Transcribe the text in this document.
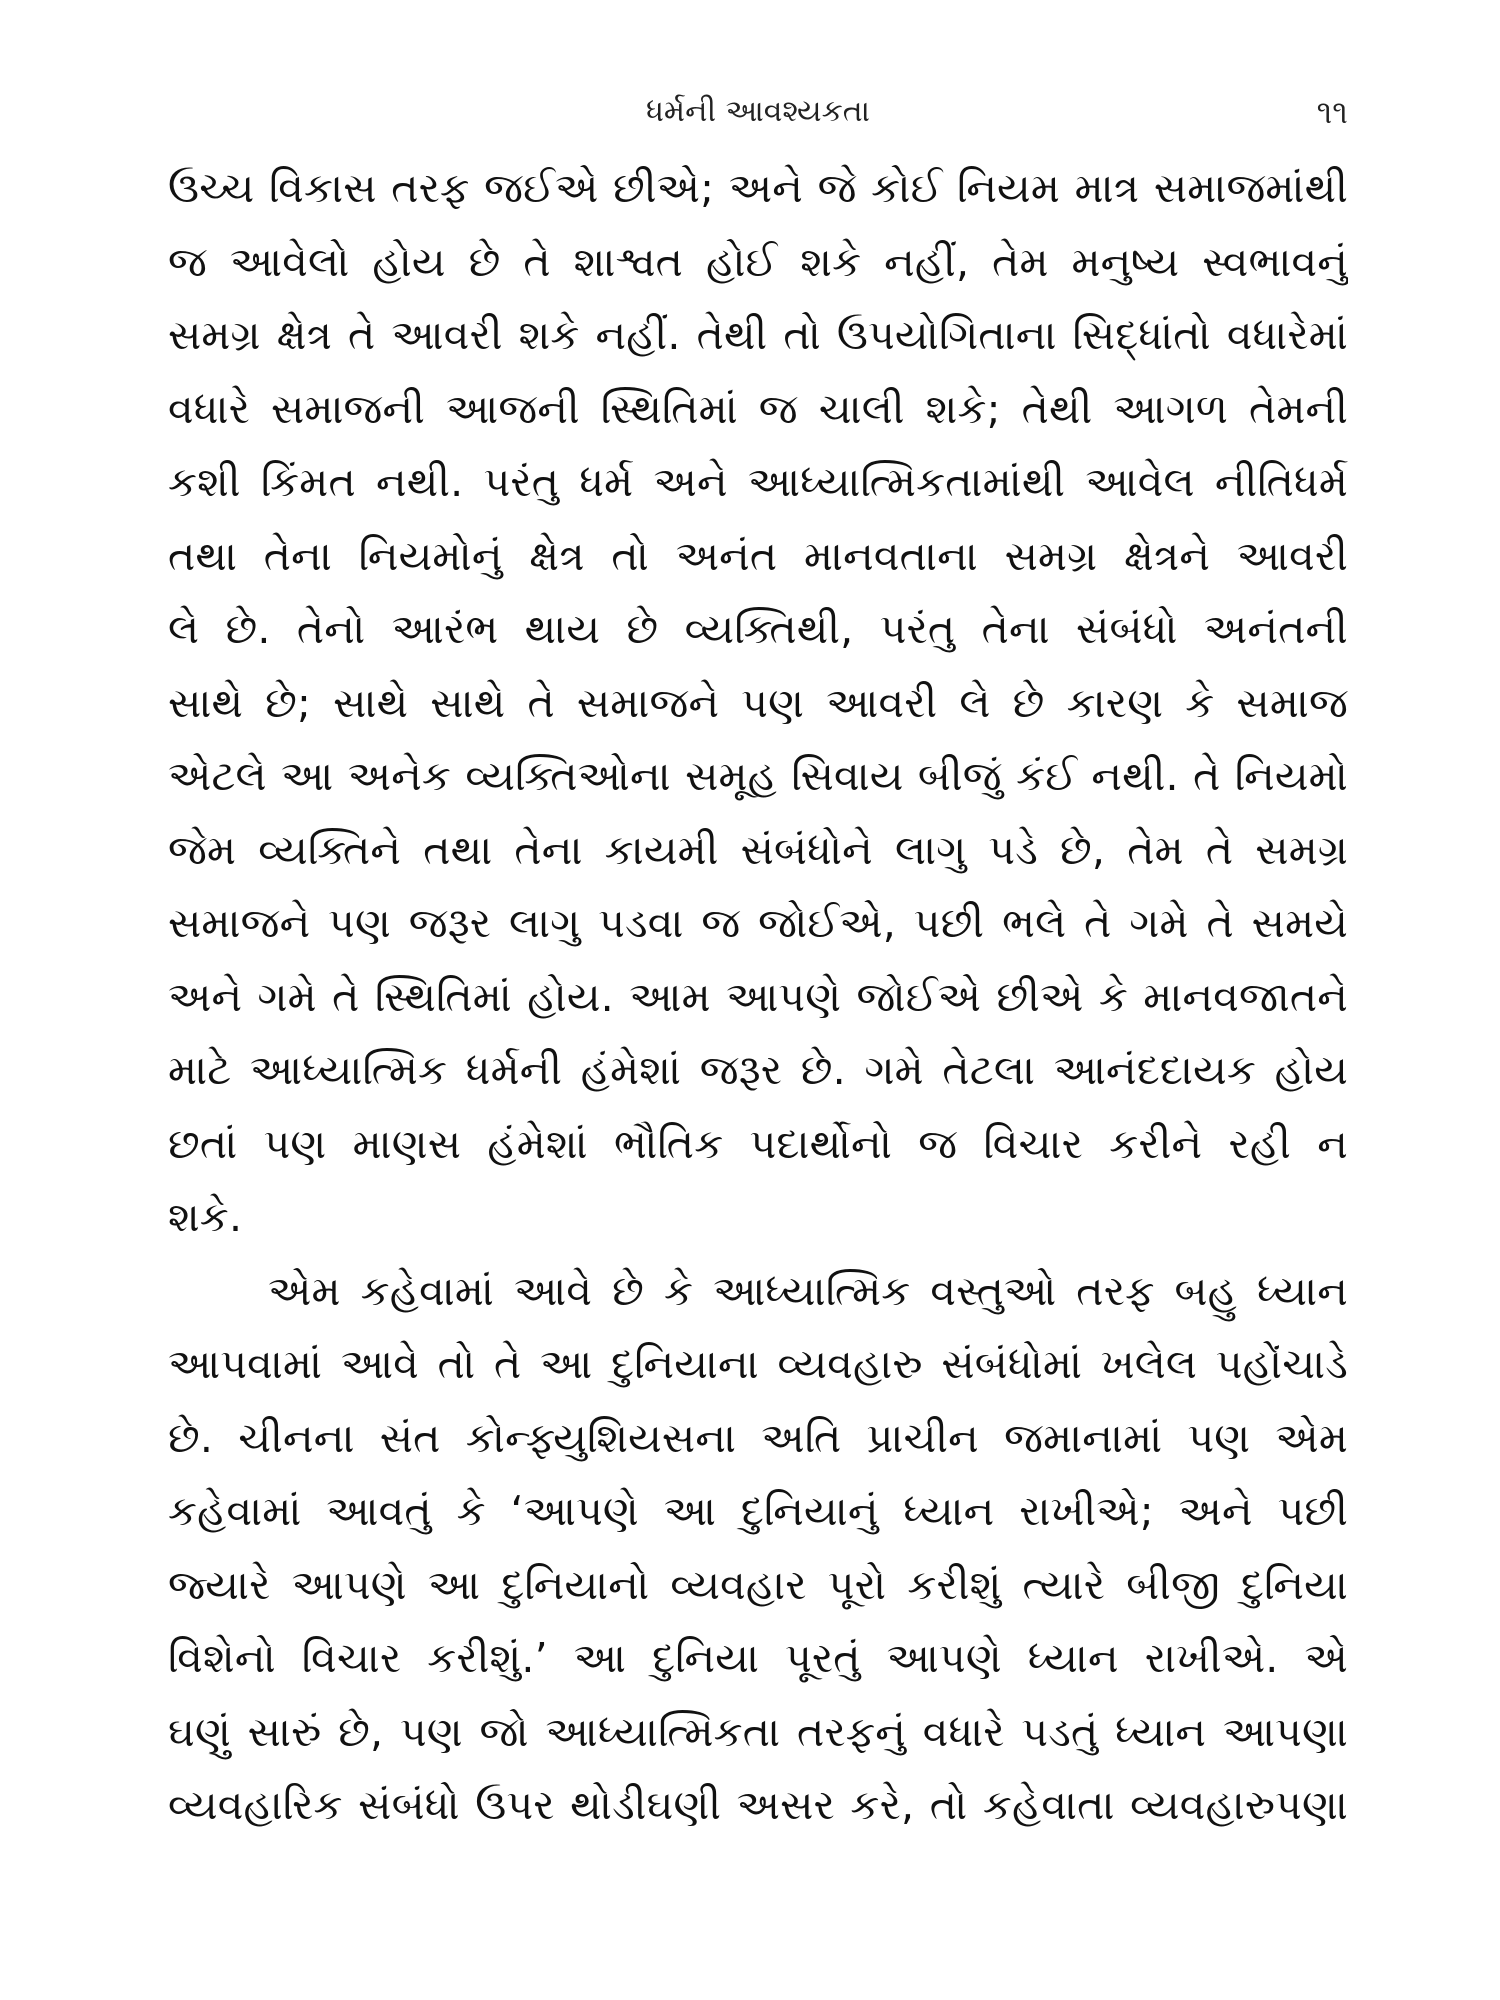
ધર્મની આવશ્યકતા	૧૧
ઉચ્ચ વિકાસ તરફ જઈએ છીએ; અને જે કોઈ નિયમ માત્ર સમાજમાંથી
જ આવેલો હોય છે તે શાશ્વત હોઈ શકે નહીં, તેમ મનુષ્ય સ્વભાવનું
સમગ્ર ક્ષેત્ર તે આવરી શકે નહીં. તેથી તો ઉપયોગિતાના સિદ્ધાંતો વધારેમાં
વધારે સમાજની આજની સ્થિતિમાં જ ચાલી શકે; તેથી આગળ તેમની
કશી કિંમત નથી. પરંતુ ધર્મ અને આધ્યાત્મિકતામાંથી આવેલ નીતિધર્મ
તથા તેના નિયમોનું ક્ષેત્ર તો અનંત માનવતાના સમગ્ર ક્ષેત્રને આવરી
લે છે. તેનો આરંભ થાય છે વ્યક્તિથી, પરંતુ તેના સંબંધો અનંતની
સાથે છે; સાથે સાથે તે સમાજને પણ આવરી લે છે કારણ કે સમાજ
એટલે આ અનેક વ્યક્તિઓના સમૂહ સિવાય બીજું કંઈ નથી. તે નિયમો
જેમ વ્યક્તિને તથા તેના કાયમી સંબંધોને લાગુ પડે છે, તેમ તે સમગ્ર
સમાજને પણ જરૂર લાગુ પડવા જ જોઈએ, પછી ભલે તે ગમે તે સમયે
અને ગમે તે સ્થિતિમાં હોય. આમ આપણે જોઈએ છીએ કે માનવજાતને
માટે આધ્યાત્મિક ધર્મની હંમેશાં જરૂર છે. ગમે તેટલા આનંદદાયક હોય
છતાં પણ માણસ હંમેશાં ભૌતિક પદાર્થોનો જ વિચાર કરીને રહી ન
શકે.
એમ કહેવામાં આવે છે કે આધ્યાત્મિક વસ્તુઓ તરફ બહુ ધ્યાન
આપવામાં આવે તો તે આ દુનિયાના વ્યવહારુ સંબંધોમાં ખલેલ પહોંચાડે
છે. ચીનના સંત કોન્ફ્યુશિયસના અતિ પ્રાચીન જમાનામાં પણ એમ
કહેવામાં આવતું કે ‘આપણે આ દુનિયાનું ધ્યાન રાખીએ; અને પછી
જ્યારે આપણે આ દુનિયાનો વ્યવહાર પૂરો કરીશું ત્યારે બીજી દુનિયા
વિશેનો વિચાર કરીશું.’ આ દુનિયા પૂરતું આપણે ધ્યાન રાખીએ. એ
ઘણું સારું છે, પણ જો આધ્યાત્મિકતા તરફનું વધારે પડતું ધ્યાન આપણા
વ્યવહારિક સંબંધો ઉપર થોડીઘણી અસર કરે, તો કહેવાતા વ્યવહારુપણા
